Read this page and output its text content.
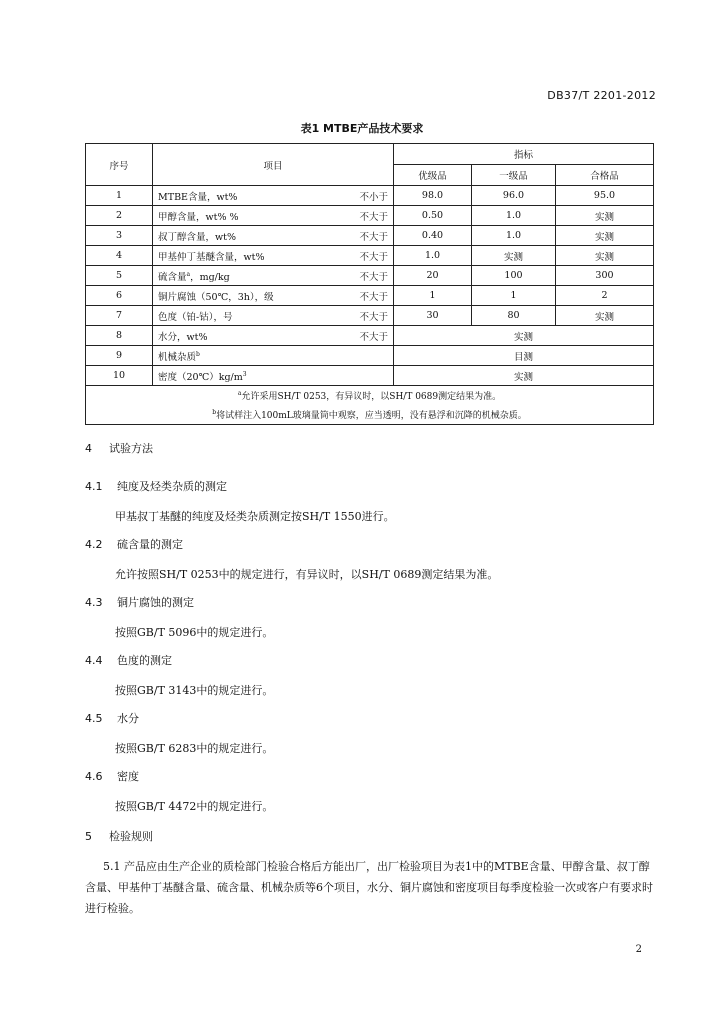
DB37/T 2201-2012
表1 MTBE产品技术要求
序号	项目	指标		
		优级品	一级品	合格品
1	MTBE含量，wt% 不小于	98.0	96.0	95.0
2	甲醇含量，wt% % 不大于	0.50	1.0	实测
3	叔丁醇含量，wt% 不大于	0.40	1.0	实测
4	甲基仲丁基醚含量，wt% 不大于	1.0	实测	实测
5	硫含量$^a$，mg/kg 不大于	20	100	300
6	铜片腐蚀（50℃，3h），级 不大于	1	1	2
7	色度（铂-钴），号 不大于	30	80	实测
8	水分，wt% 不大于	实测		
9	机械杂质$^b$	目测		
10	密度$(20℃)kg/m^3$	实测		
$^a$允许采用SH/T 0253，有异议时，以SH/T 0689测定结果为准。				
$^b$将试样注入100mL玻璃量筒中观察，应当透明，没有悬浮和沉降的机械杂质。				
4 试验方法
4.1 纯度及烃类杂质的测定
甲基叔丁基醚的纯度及烃类杂质测定按SH/T 1550进行。
4.2 硫含量的测定
允许按照SH/T 0253中的规定进行，有异议时，以SH/T 0689测定结果为准。
4.3 铜片腐蚀的测定
按照GB/T 5096中的规定进行。
4.4 色度的测定
按照GB/T 3143中的规定进行。
4.5 水分
按照GB/T 6283中的规定进行。
4.6 密度
按照GB/T 4472中的规定进行。
5 检验规则
5.1 产品应由生产企业的质检部门检验合格后方能出厂，出厂检验项目为表1中的MTBE含量、甲醇含量、叔丁醇含量、甲基仲丁基醚含量、硫含量、机械杂质等6个项目，水分、铜片腐蚀和密度项目每季度检验一次或客户有要求时进行检验。
2
